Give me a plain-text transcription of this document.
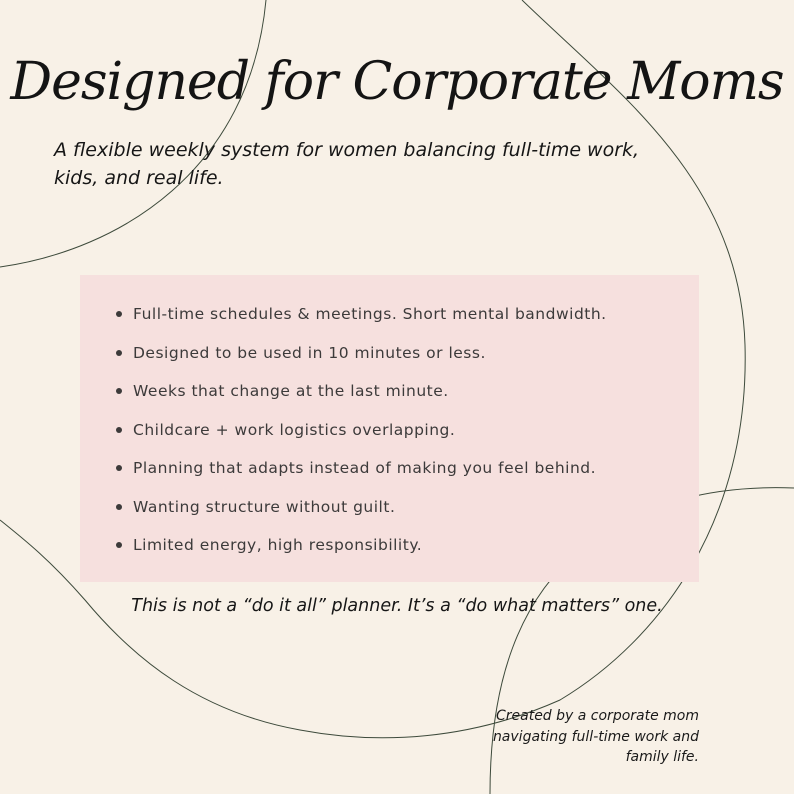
Designed for Corporate Moms

A flexible weekly system for women balancing full-time work, kids, and real life.

Full-time schedules & meetings. Short mental bandwidth.
Designed to be used in 10 minutes or less.
Weeks that change at the last minute.
Childcare + work logistics overlapping.
Planning that adapts instead of making you feel behind.
Wanting structure without guilt.
Limited energy, high responsibility.

This is not a “do it all” planner. It’s a “do what matters” one.

Created by a corporate mom
navigating full-time work and
family life.
